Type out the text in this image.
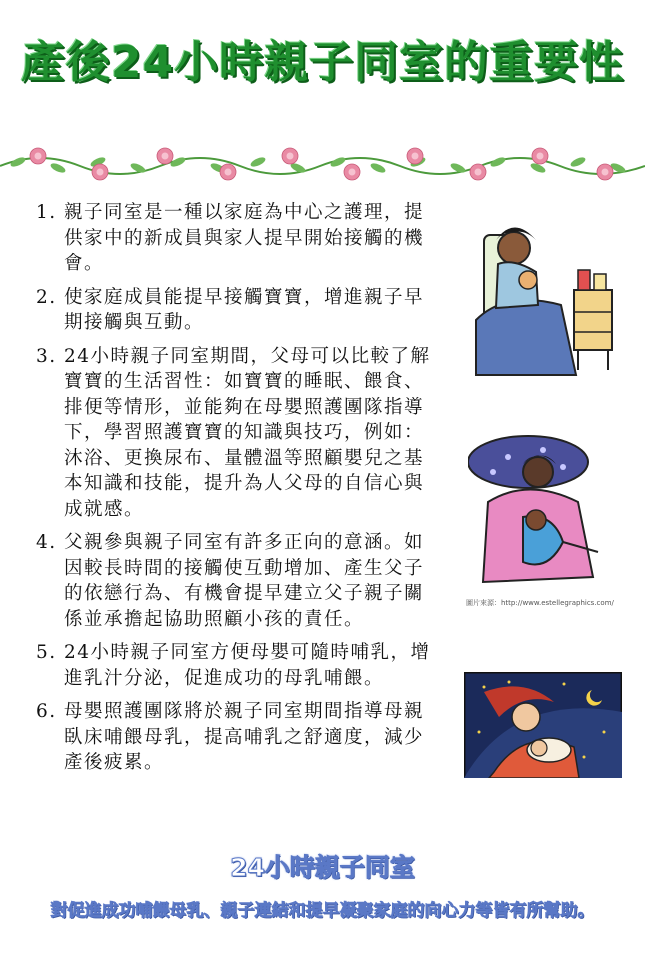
產後24小時親子同室的重要性
1. 親子同室是一種以家庭為中心之護理，提供家中的新成員與家人提早開始接觸的機會。
2. 使家庭成員能提早接觸寶寶，增進親子早期接觸與互動。
3. 24小時親子同室期間，父母可以比較了解寶寶的生活習性：如寶寶的睡眠、餵食、排便等情形，並能夠在母嬰照護團隊指導下，學習照護寶寶的知識與技巧，例如：沐浴、更換尿布、量體溫等照顧嬰兒之基本知識和技能，提升為人父母的自信心與成就感。
4. 父親參與親子同室有許多正向的意涵。如因較長時間的接觸使互動增加、產生父子的依戀行為、有機會提早建立父子親子關係並承擔起協助照顧小孩的責任。
5. 24小時親子同室方便母嬰可隨時哺乳，增進乳汁分泌，促進成功的母乳哺餵。
6. 母嬰照護團隊將於親子同室期間指導母親臥床哺餵母乳，提高哺乳之舒適度，減少產後疲累。
圖片來源：http://www.estellegraphics.com/
24小時親子同室
對促進成功哺餵母乳、親子連結和提早凝聚家庭的向心力等皆有所幫助。
